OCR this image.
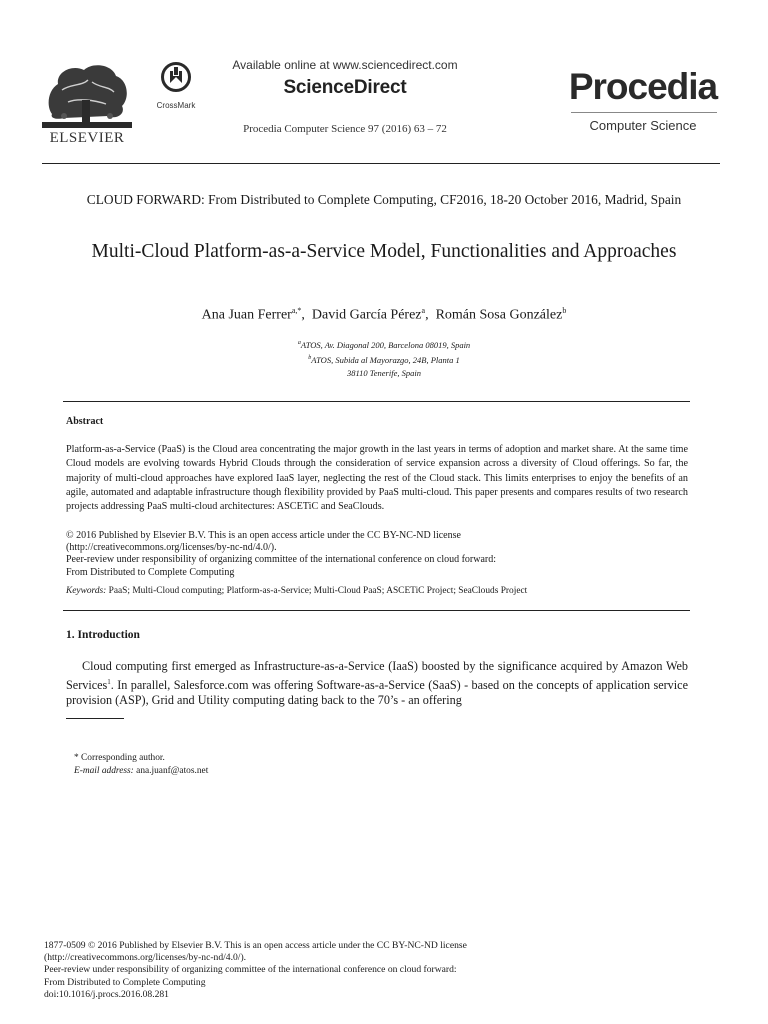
ELSEVIER
CrossMark
Available online at www.sciencedirect.com
ScienceDirect
Procedia Computer Science 97 (2016) 63 – 72
Procedia
Computer Science
CLOUD FORWARD: From Distributed to Complete Computing, CF2016, 18-20 October 2016, Madrid, Spain
Multi-Cloud Platform-as-a-Service Model, Functionalities and Approaches
Ana Juan Ferrer$^{a,*}$,  David García Pérez$^a$,  Román Sosa González$^b$
$^a$ATOS, Av. Diagonal 200, Barcelona 08019, Spain
$^b$ATOS, Subida al Mayorazgo, 24B, Planta 1
38110 Tenerife, Spain
Abstract
Platform-as-a-Service (PaaS) is the Cloud area concentrating the major growth in the last years in terms of adoption and market share. At the same time Cloud models are evolving towards Hybrid Clouds through the consideration of service expansion across a diversity of Cloud offerings. So far, the majority of multi-cloud approaches have explored IaaS layer, neglecting the rest of the Cloud stack. This limits enterprises to enjoy the benefits of an agile, automated and adaptable infrastructure though flexibility provided by PaaS multi-cloud. This paper presents and compares results of two research projects addressing PaaS multi-cloud architectures: ASCETiC and SeaClouds.
© 2016 Published by Elsevier B.V. This is an open access article under the CC BY-NC-ND license
(http://creativecommons.org/licenses/by-nc-nd/4.0/).
Peer-review under responsibility of organizing committee of the international conference on cloud forward:
From Distributed to Complete Computing
Keywords: PaaS; Multi-Cloud computing; Platform-as-a-Service; Multi-Cloud PaaS; ASCETiC Project; SeaClouds Project
1. Introduction
Cloud computing first emerged as Infrastructure-as-a-Service (IaaS) boosted by the significance acquired by Amazon Web Services$^1$. In parallel, Salesforce.com was offering Software-as-a-Service (SaaS) - based on the concepts of application service provision (ASP), Grid and Utility computing dating back to the 70’s - an offering
* Corresponding author.
E-mail address: ana.juanf@atos.net
1877-0509 © 2016 Published by Elsevier B.V. This is an open access article under the CC BY-NC-ND license
(http://creativecommons.org/licenses/by-nc-nd/4.0/).
Peer-review under responsibility of organizing committee of the international conference on cloud forward:
From Distributed to Complete Computing
doi:10.1016/j.procs.2016.08.281
